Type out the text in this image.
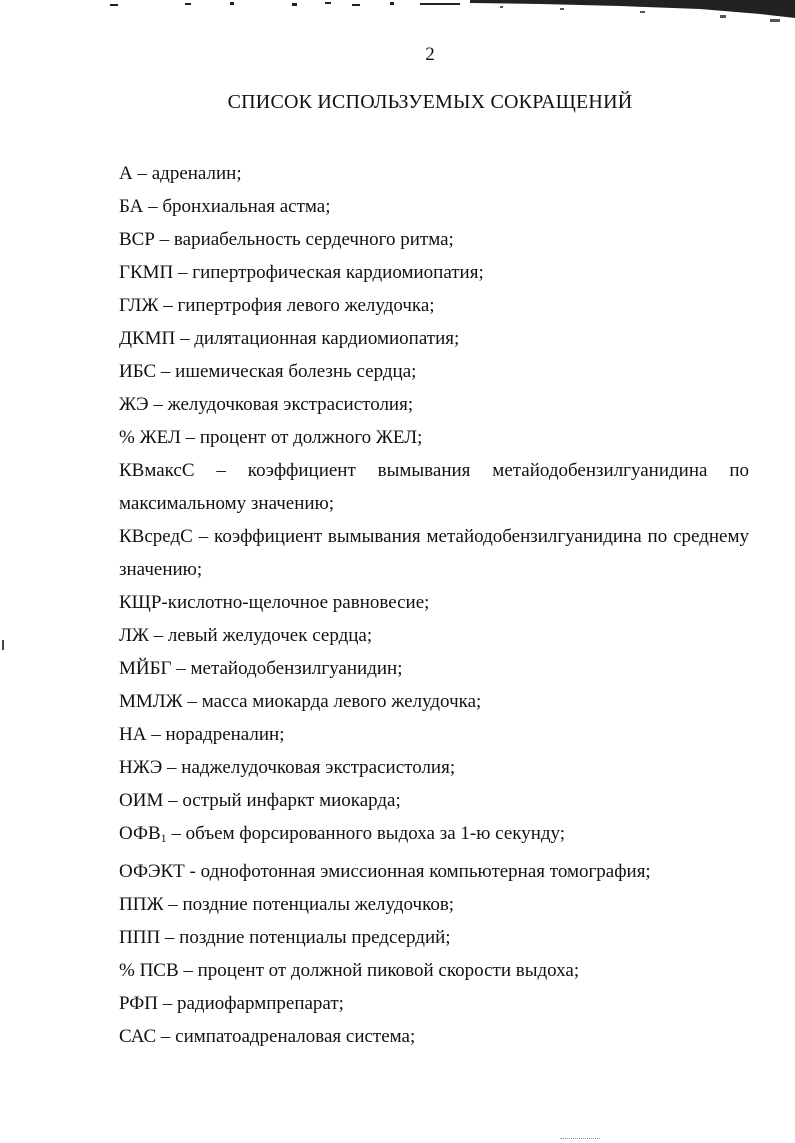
2
СПИСОК ИСПОЛЬЗУЕМЫХ СОКРАЩЕНИЙ
А – адреналин;
БА – бронхиальная астма;
ВСР – вариабельность сердечного ритма;
ГКМП – гипертрофическая кардиомиопатия;
ГЛЖ – гипертрофия левого желудочка;
ДКМП – дилятационная кардиомиопатия;
ИБС – ишемическая болезнь сердца;
ЖЭ – желудочковая экстрасистолия;
% ЖЕЛ – процент от должного ЖЕЛ;
КВмаксС – коэффициент вымывания метайодобензилгуанидина по максимальному значению;
КВсредС – коэффициент вымывания метайодобензилгуанидина по среднему значению;
КЩР-кислотно-щелочное равновесие;
ЛЖ – левый желудочек сердца;
МЙБГ – метайодобензилгуанидин;
ММЛЖ – масса миокарда левого желудочка;
НА – норадреналин;
НЖЭ – наджелудочковая экстрасистолия;
ОИМ – острый инфаркт миокарда;
$ОФВ_1$ – объем форсированного выдоха за 1-ю секунду;
ОФЭКТ - однофотонная эмиссионная компьютерная томография;
ППЖ – поздние потенциалы желудочков;
ППП – поздние потенциалы предсердий;
% ПСВ – процент от должной пиковой скорости выдоха;
РФП – радиофармпрепарат;
САС – симпатоадреналовая система;
